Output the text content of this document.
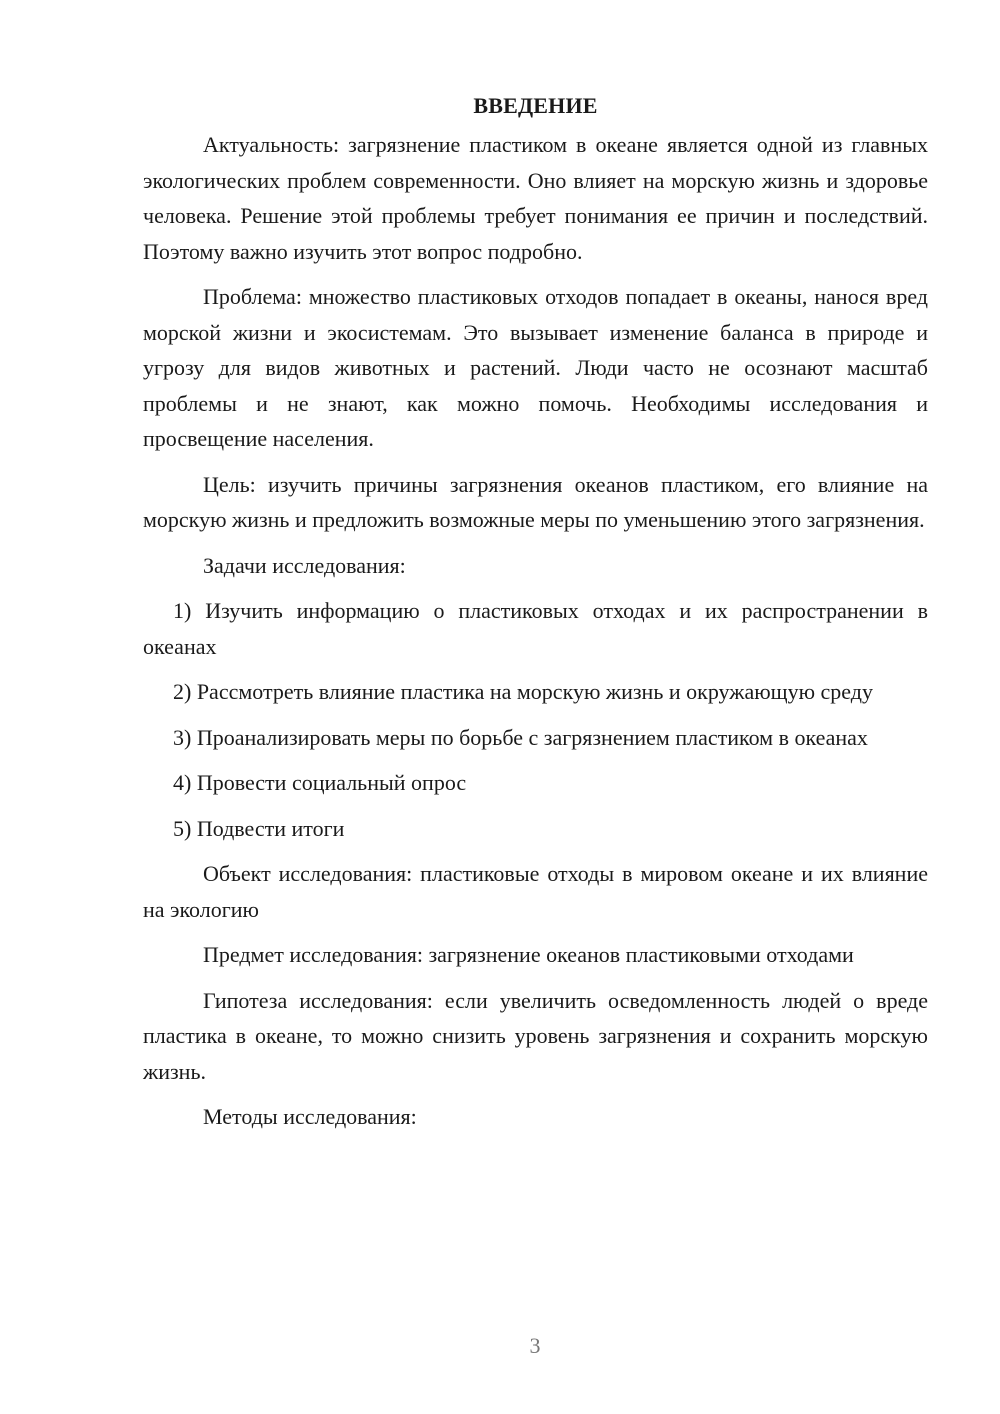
ВВЕДЕНИЕ

Актуальность: загрязнение пластиком в океане является одной из главных экологических проблем современности. Оно влияет на морскую жизнь и здоровье человека. Решение этой проблемы требует понимания ее причин и последствий. Поэтому важно изучить этот вопрос подробно.

Проблема: множество пластиковых отходов попадает в океаны, нанося вред морской жизни и экосистемам. Это вызывает изменение баланса в природе и угрозу для видов животных и растений. Люди часто не осознают масштаб проблемы и не знают, как можно помочь. Необходимы исследования и просвещение населения.

Цель: изучить причины загрязнения океанов пластиком, его влияние на морскую жизнь и предложить возможные меры по уменьшению этого загрязнения.

Задачи исследования:

1) Изучить информацию о пластиковых отходах и их распространении в океанах

2) Рассмотреть влияние пластика на морскую жизнь и окружающую среду

3) Проанализировать меры по борьбе с загрязнением пластиком в океанах

4) Провести социальный опрос

5) Подвести итоги

Объект исследования: пластиковые отходы в мировом океане и их влияние на экологию

Предмет исследования: загрязнение океанов пластиковыми отходами

Гипотеза исследования: если увеличить осведомленность людей о вреде пластика в океане, то можно снизить уровень загрязнения и сохранить морскую жизнь.

Методы исследования:

3
